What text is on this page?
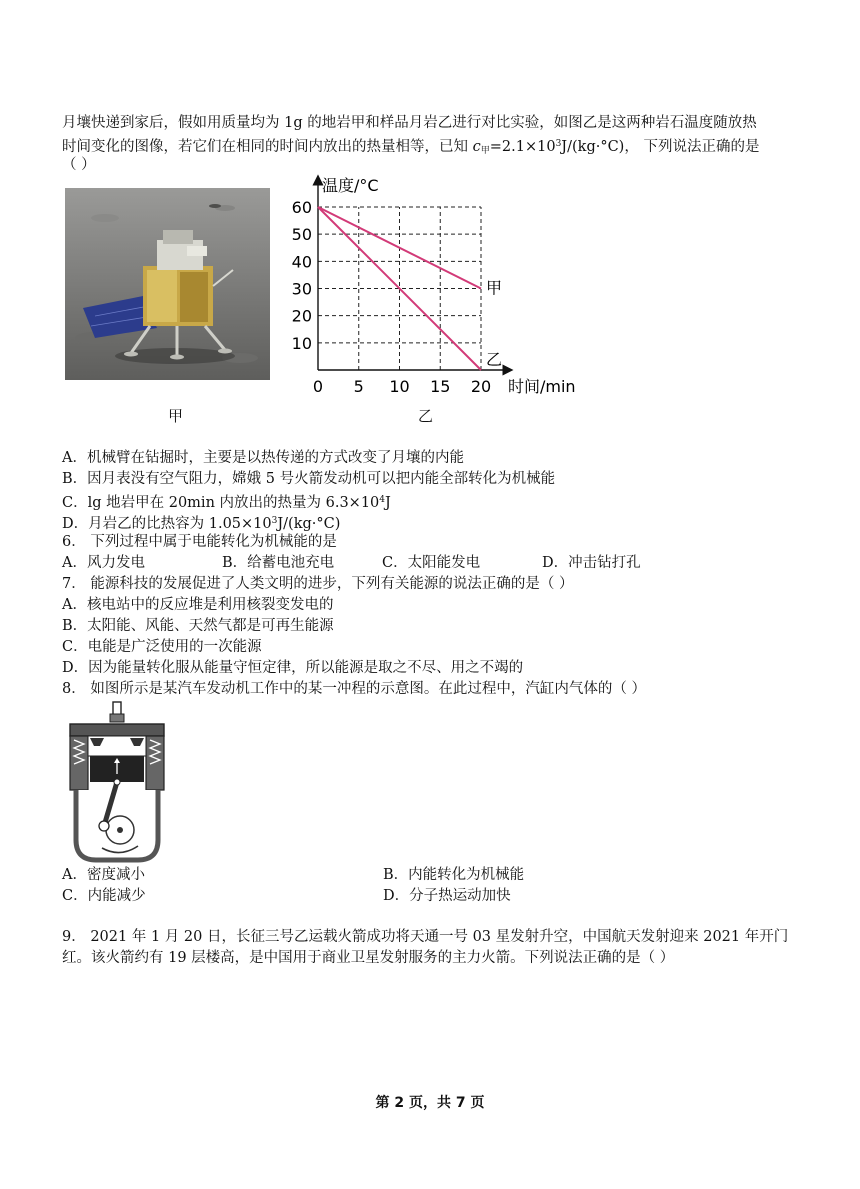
月壤快递到家后，假如用质量均为 1g 的地岩甲和样品月岩乙进行对比实验，如图乙是这两种岩石温度随放热
时间变化的图像，若它们在相同的时间内放出的热量相等，已知 $c_甲=2.1\times 10^3J/(kg\cdot^\circ C)$， 下列说法正确的是
（ ）
甲
10
20
30
40
50
60
0 5 10 15 20
甲
乙
温度/°C
时间/min
乙
A．机械臂在钻掘时，主要是以热传递的方式改变了月壤的内能
B．因月表没有空气阻力，嫦娥 5 号火箭发动机可以把内能全部转化为机械能
C．lg 地岩甲在 20min 内放出的热量为 $6.3\times 10^4J$
D．月岩乙的比热容为 $1.05\times 10^3J/(kg\cdot^\circ C)$
6． 下列过程中属于电能转化为机械能的是
A．风力发电	B．给蓄电池充电	C．太阳能发电	D．冲击钻打孔
7． 能源科技的发展促进了人类文明的进步，下列有关能源的说法正确的是（ ）
A．核电站中的反应堆是利用核裂变发电的
B．太阳能、风能、天然气都是可再生能源
C．电能是广泛使用的一次能源
D．因为能量转化服从能量守恒定律，所以能源是取之不尽、用之不竭的
8． 如图所示是某汽车发动机工作中的某一冲程的示意图。在此过程中，汽缸内气体的（ ）
A．密度减小	B．内能转化为机械能
C．内能减少	D．分子热运动加快
9． 2021 年 1 月 20 日，长征三号乙运载火箭成功将天通一号 03 星发射升空，中国航天发射迎来 2021 年开门
红。该火箭约有 19 层楼高，是中国用于商业卫星发射服务的主力火箭。下列说法正确的是（ ）
第 2 页，共 7 页
